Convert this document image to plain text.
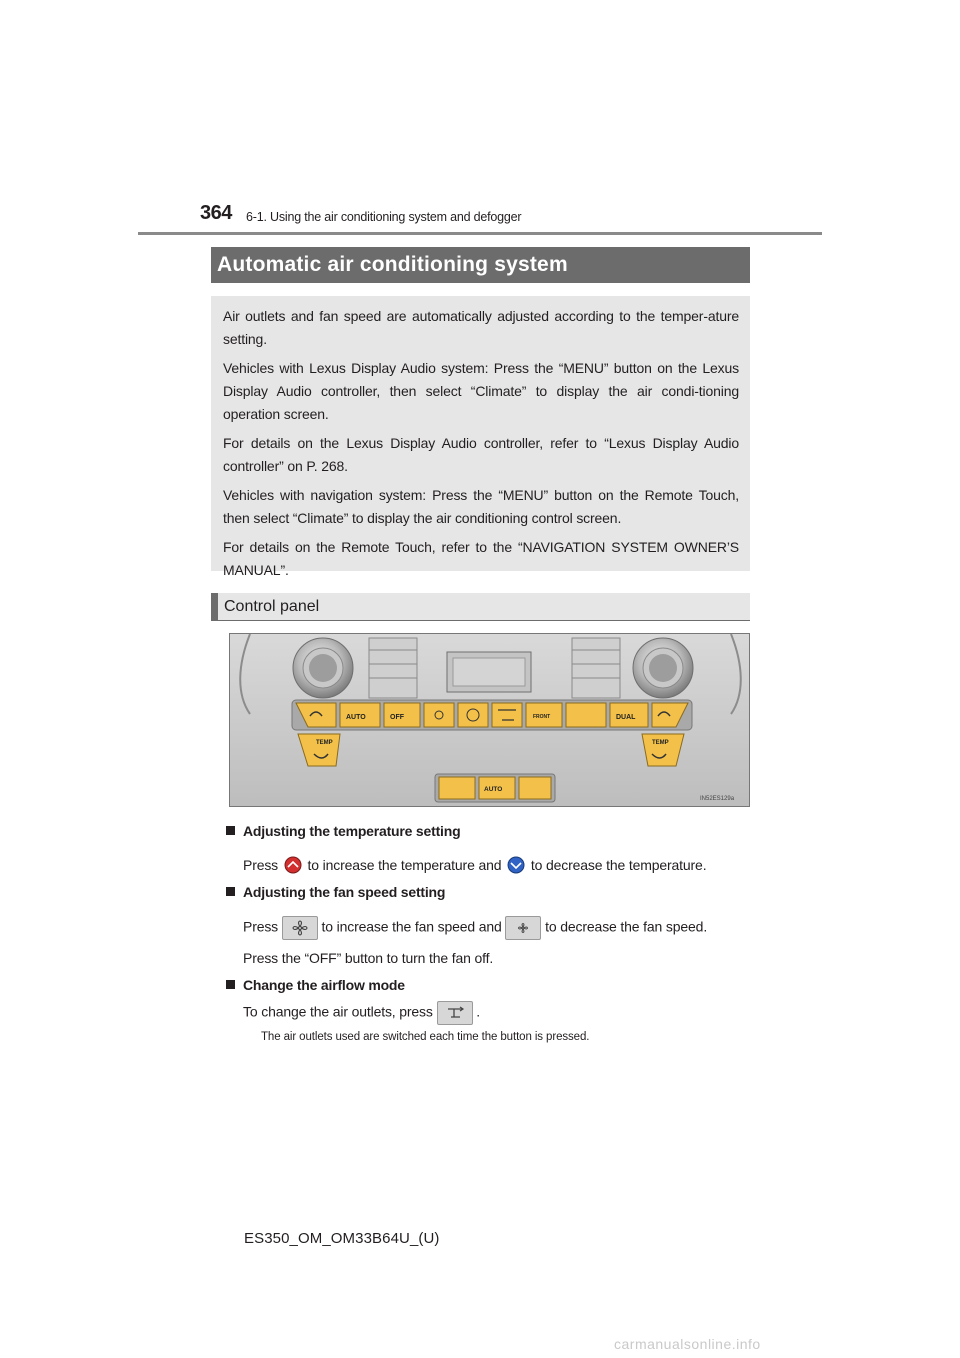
364 6-1. Using the air conditioning system and defogger
Automatic air conditioning system

Air outlets and fan speed are automatically adjusted according to the temper-ature setting.

Vehicles with Lexus Display Audio system: Press the “MENU” button on the Lexus Display Audio controller, then select “Climate” to display the air condi-tioning operation screen.

For details on the Lexus Display Audio controller, refer to “Lexus Display Audio controller” on P. 268.

Vehicles with navigation system: Press the “MENU” button on the Remote Touch, then select “Climate” to display the air conditioning control screen.

For details on the Remote Touch, refer to the “NAVIGATION SYSTEM OWNER’S MANUAL”.

Control panel
AUTO	OFF	FRONT	DUAL
TEMP	TEMP
AUTO
IN52ES129a
Adjusting the temperature setting
Press to increase the temperature and to decrease the temperature.
Adjusting the fan speed setting
Press	to increase the fan speed and	to decrease the fan speed.
Press the “OFF” button to turn the fan off.
Change the airflow mode
To change the air outlets, press	.
The air outlets used are switched each time the button is pressed.
ES350_OM_OM33B64U_(U)
carmanualsonline.info
